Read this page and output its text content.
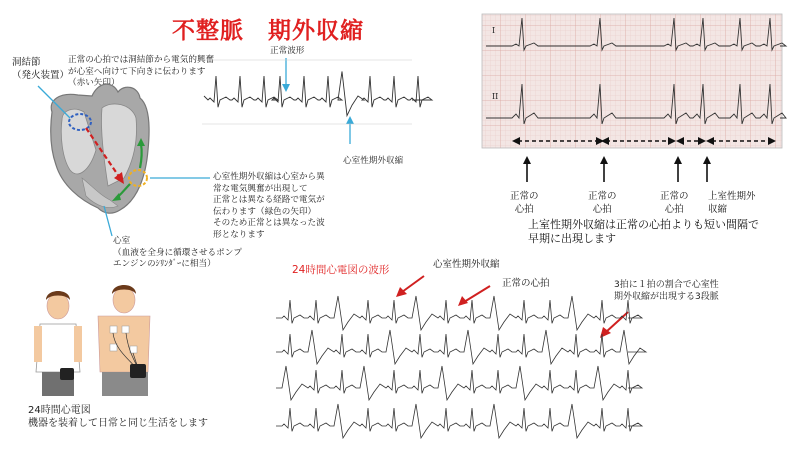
不整脈　期外収縮
洞結節
（発火装置）
正常の心拍では洞結節から電気的興奮
が心室へ向けて下向きに伝わります
（赤い矢印）
心室性期外収縮は心室から異
常な電気興奮が出現して
正常とは異なる経路で電気が
伝わります（緑色の矢印）
そのため正常とは異なった波
形となります
心室
（血液を全身に循環させるポンプ
エンジンのｼﾘﾝﾀﾞｰに相当）
正常波形
心室性期外収縮
I
II
正常の
心拍
正常の
心拍
正常の
心拍
上室性期外
収縮
上室性期外収縮は正常の心拍よりも短い間隔で
早期に出現します
24時間心電図の波形	心室性期外収縮
正常の心拍	3拍に１拍の割合で心室性
期外収縮が出現する3段脈
24時間心電図
機器を装着して日常と同じ生活をします
